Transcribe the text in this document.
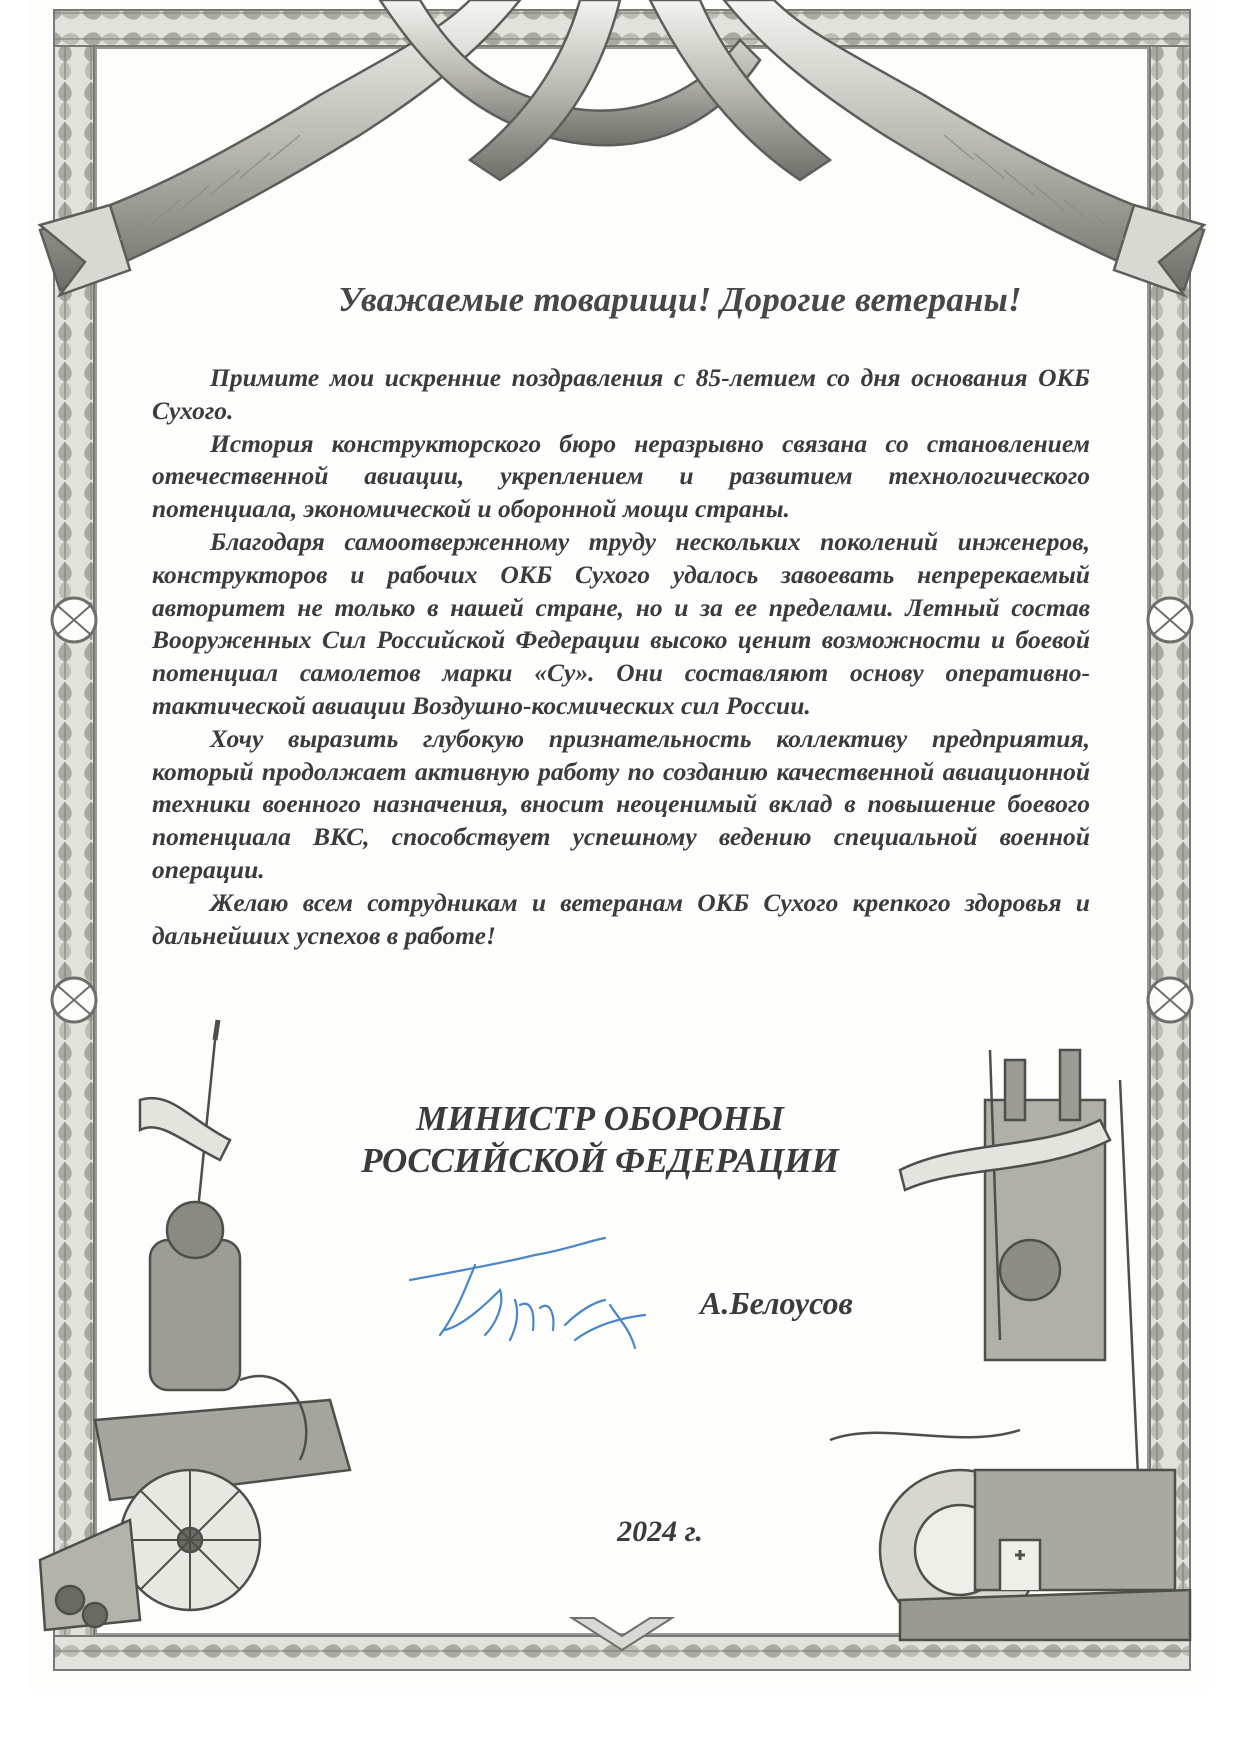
Уважаемые товарищи! Дорогие ветераны!

Примите мои искренние поздравления с 85-летием со дня основания ОКБ Сухого.

История конструкторского бюро неразрывно связана со становлением отечественной авиации, укреплением и развитием технологического потенциала, экономической и оборонной мощи страны.

Благодаря самоотверженному труду нескольких поколений инженеров, конструкторов и рабочих ОКБ Сухого удалось завоевать непререкаемый авторитет не только в нашей стране, но и за ее пределами. Летный состав Вооруженных Сил Российской Федерации высоко ценит возможности и боевой потенциал самолетов марки «Су». Они составляют основу оперативно-тактической авиации Воздушно-космических сил России.

Хочу выразить глубокую признательность коллективу предприятия, который продолжает активную работу по созданию качественной авиационной техники военного назначения, вносит неоценимый вклад в повышение боевого потенциала ВКС, способствует успешному ведению специальной военной операции.

Желаю всем сотрудникам и ветеранам ОКБ Сухого крепкого здоровья и дальнейших успехов в работе!

МИНИСТР ОБОРОНЫ
РОССИЙСКОЙ ФЕДЕРАЦИИ
А.Белоусов
2024 г.
